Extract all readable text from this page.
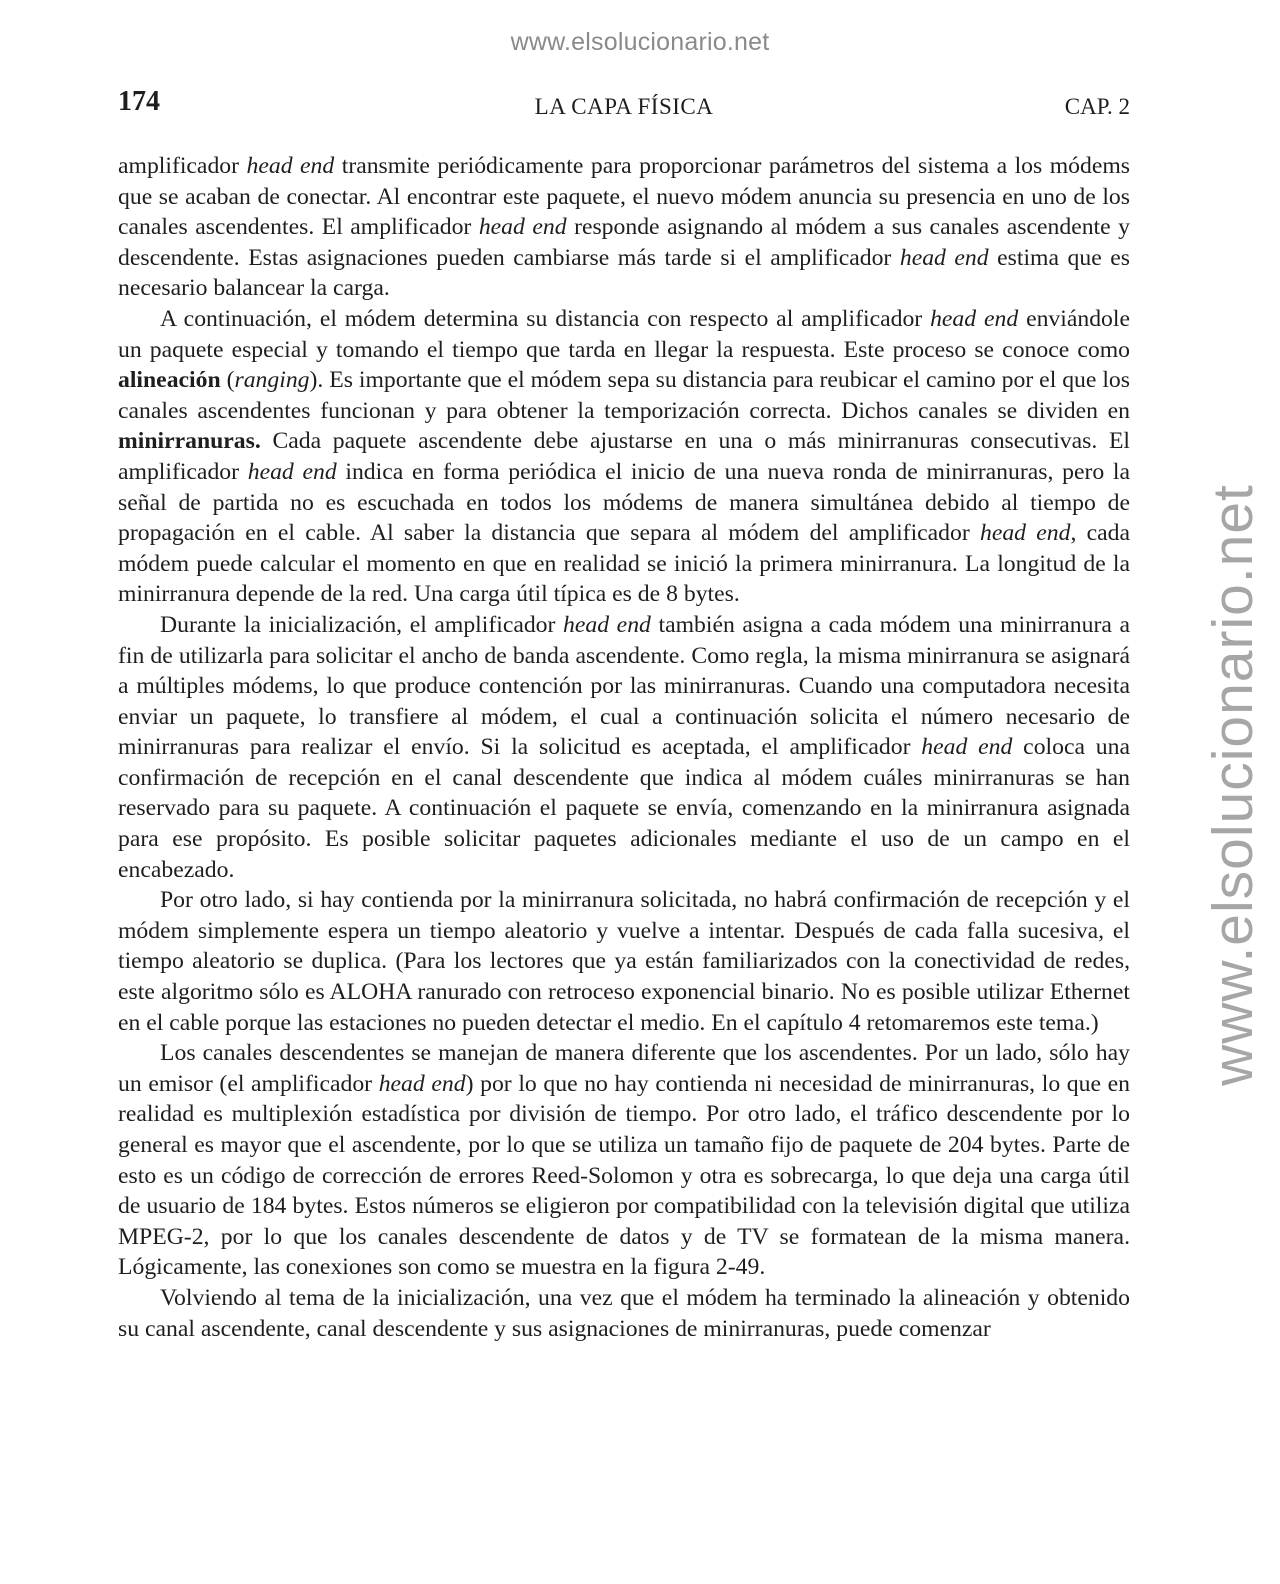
www.elsolucionario.net
www.elsolucionario.net
174	LA CAPA FÍSICA	CAP. 2

amplificador head end transmite periódicamente para proporcionar parámetros del sistema a los módems que se acaban de conectar. Al encontrar este paquete, el nuevo módem anuncia su presencia en uno de los canales ascendentes. El amplificador head end responde asignando al módem a sus canales ascendente y descendente. Estas asignaciones pueden cambiarse más tarde si el amplificador head end estima que es necesario balancear la carga.

A continuación, el módem determina su distancia con respecto al amplificador head end enviándole un paquete especial y tomando el tiempo que tarda en llegar la respuesta. Este proceso se conoce como alineación (ranging). Es importante que el módem sepa su distancia para reubicar el camino por el que los canales ascendentes funcionan y para obtener la temporización correcta. Dichos canales se dividen en minirranuras. Cada paquete ascendente debe ajustarse en una o más minirranuras consecutivas. El amplificador head end indica en forma periódica el inicio de una nueva ronda de minirranuras, pero la señal de partida no es escuchada en todos los módems de manera simultánea debido al tiempo de propagación en el cable. Al saber la distancia que separa al módem del amplificador head end, cada módem puede calcular el momento en que en realidad se inició la primera minirranura. La longitud de la minirranura depende de la red. Una carga útil típica es de 8 bytes.

Durante la inicialización, el amplificador head end también asigna a cada módem una minirranura a fin de utilizarla para solicitar el ancho de banda ascendente. Como regla, la misma minirranura se asignará a múltiples módems, lo que produce contención por las minirranuras. Cuando una computadora necesita enviar un paquete, lo transfiere al módem, el cual a continuación solicita el número necesario de minirranuras para realizar el envío. Si la solicitud es aceptada, el amplificador head end coloca una confirmación de recepción en el canal descendente que indica al módem cuáles minirranuras se han reservado para su paquete. A continuación el paquete se envía, comenzando en la minirranura asignada para ese propósito. Es posible solicitar paquetes adicionales mediante el uso de un campo en el encabezado.

Por otro lado, si hay contienda por la minirranura solicitada, no habrá confirmación de recepción y el módem simplemente espera un tiempo aleatorio y vuelve a intentar. Después de cada falla sucesiva, el tiempo aleatorio se duplica. (Para los lectores que ya están familiarizados con la conectividad de redes, este algoritmo sólo es ALOHA ranurado con retroceso exponencial binario. No es posible utilizar Ethernet en el cable porque las estaciones no pueden detectar el medio. En el capítulo 4 retomaremos este tema.)

Los canales descendentes se manejan de manera diferente que los ascendentes. Por un lado, sólo hay un emisor (el amplificador head end) por lo que no hay contienda ni necesidad de minirranuras, lo que en realidad es multiplexión estadística por división de tiempo. Por otro lado, el tráfico descendente por lo general es mayor que el ascendente, por lo que se utiliza un tamaño fijo de paquete de 204 bytes. Parte de esto es un código de corrección de errores Reed-Solomon y otra es sobrecarga, lo que deja una carga útil de usuario de 184 bytes. Estos números se eligieron por compatibilidad con la televisión digital que utiliza MPEG-2, por lo que los canales descendente de datos y de TV se formatean de la misma manera. Lógicamente, las conexiones son como se muestra en la figura 2-49.

Volviendo al tema de la inicialización, una vez que el módem ha terminado la alineación y obtenido su canal ascendente, canal descendente y sus asignaciones de minirranuras, puede comenzar
